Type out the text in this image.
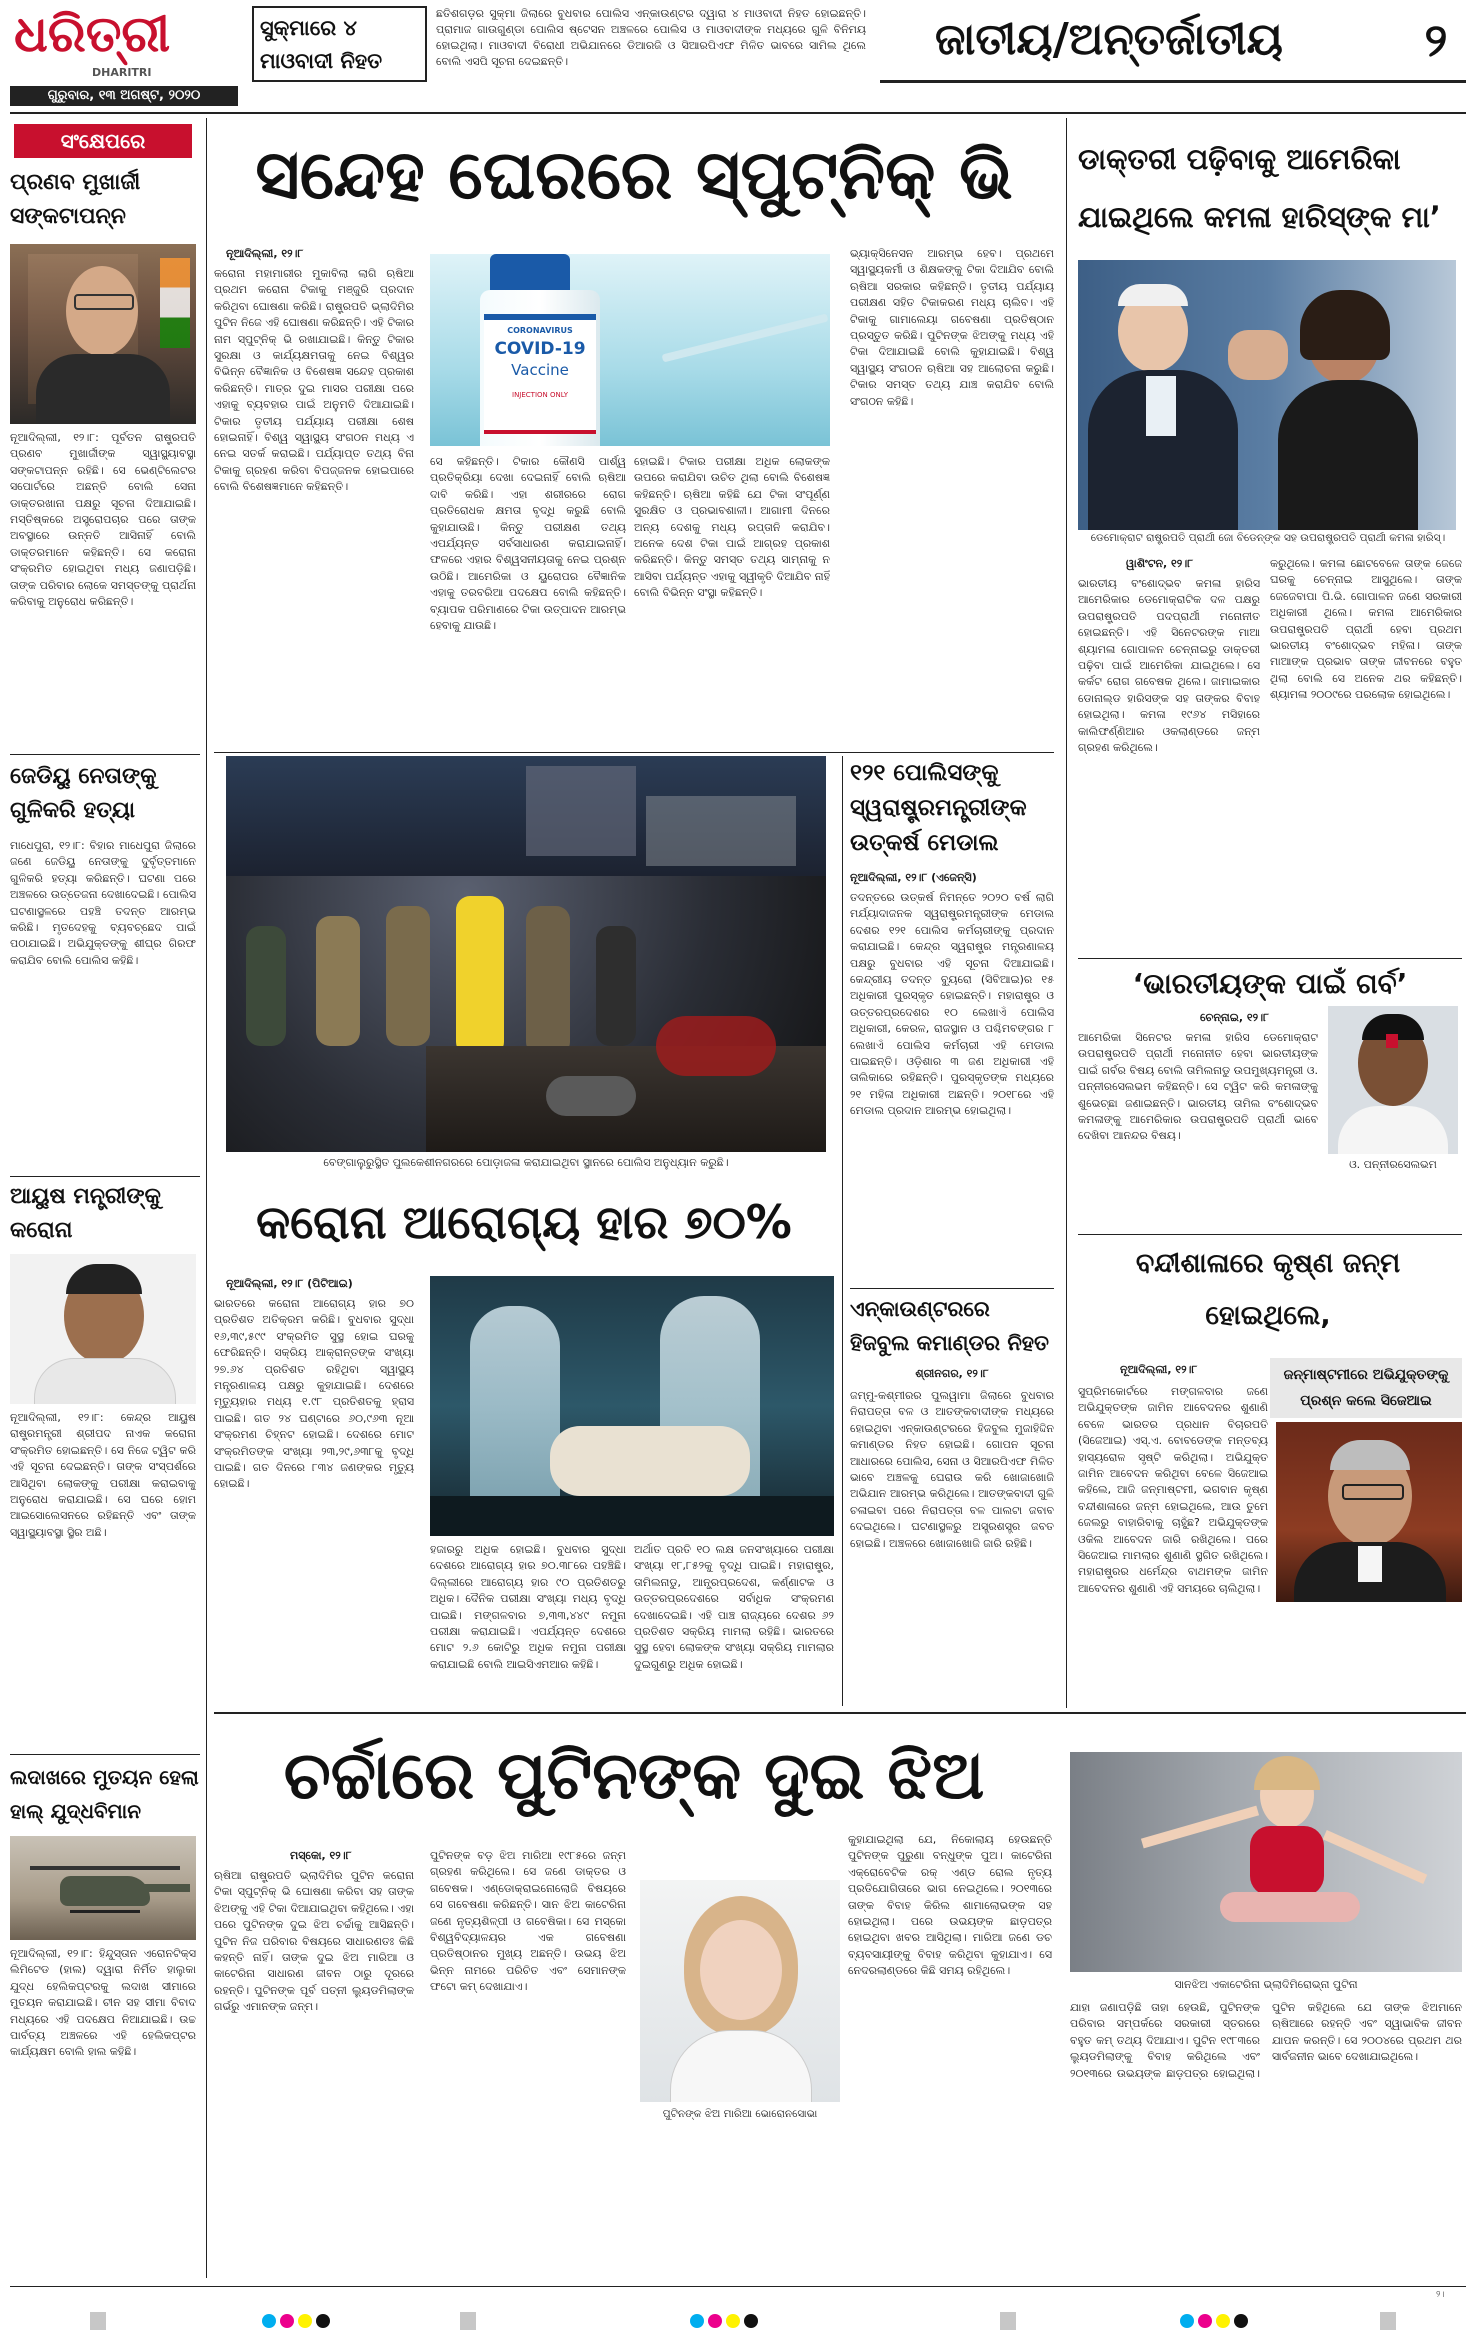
ଧରିତ୍ରୀ
DHARITRI
ଗୁରୁବାର, ୧୩ ଅଗଷ୍ଟ, ୨୦୨୦
ସୁକ୍ମାରେ ୪
ମାଓବାଦୀ ନିହତ
ଛତିଶଗଡ଼ର ସୁକ୍ମା ଜିଲାରେ ବୁଧବାର ପୋଲିସ ଏନ୍‌କାଉଣ୍ଟର ଦ୍ୱାରା ୪ ମାଓବାଦୀ ନିହତ ହୋଇଛନ୍ତି। ପ୍ରାମାଜ ଗାଉଗୁଣ୍ଡା ପୋଲିସ ଷ୍ଟେସନ ଅଞ୍ଚଳରେ ପୋଲିସ ଓ ମାଓବାଦୀଙ୍କ ମଧ୍ୟରେ ଗୁଳି ବିନିମୟ ହୋଇଥିଲା। ମାଓବାଦୀ ବିରୋଧୀ ଅଭିଯାନରେ ଡିଆରଜି ଓ ସିଆରପିଏଫ ମିଳିତ ଭାବରେ ସାମିଲ ଥିଲେ ବୋଲି ଏସପି ସୂଚନା ଦେଇଛନ୍ତି।	ଜାତୀୟ/ଅନ୍ତର୍ଜାତୀୟ	୨
ସଂକ୍ଷେପରେ
ପ୍ରଣବ ମୁଖାର୍ଜୀ ସଙ୍କଟାପନ୍ନ
ନୂଆଦିଲ୍ଲୀ, ୧୨।୮: ପୂର୍ବତନ ରାଷ୍ଟ୍ରପତି ପ୍ରଣବ ମୁଖାର୍ଜୀଙ୍କ ସ୍ୱାସ୍ଥ୍ୟାବସ୍ଥା ସଙ୍କଟାପନ୍ନ ରହିଛି। ସେ ଭେଣ୍ଟିଲେଟର ସପୋର୍ଟରେ ଅଛନ୍ତି ବୋଲି ସେନା ଡାକ୍ତରଖାନା ପକ୍ଷରୁ ସୂଚନା ଦିଆଯାଇଛି। ମସ୍ତିଷ୍କରେ ଅସ୍ତ୍ରୋପଚାର ପରେ ତାଙ୍କ ଅବସ୍ଥାରେ ଉନ୍ନତି ଆସିନାହିଁ ବୋଲି ଡାକ୍ତରମାନେ କହିଛନ୍ତି। ସେ କରୋନା ସଂକ୍ରମିତ ହୋଇଥିବା ମଧ୍ୟ ଜଣାପଡ଼ିଛି। ତାଙ୍କ ପରିବାର ଲୋକେ ସମସ୍ତଙ୍କୁ ପ୍ରାର୍ଥନା କରିବାକୁ ଅନୁରୋଧ କରିଛନ୍ତି।
ଜେଡିୟୁ ନେତାଙ୍କୁ ଗୁଳିକରି ହତ୍ୟା
ମାଧେପୁରା, ୧୨।୮: ବିହାର ମାଧେପୁରା ଜିଲାରେ ଜଣେ ଜେଡିୟୁ ନେତାଙ୍କୁ ଦୁର୍ବୃତ୍ତମାନେ ଗୁଳିକରି ହତ୍ୟା କରିଛନ୍ତି। ଘଟଣା ପରେ ଅଞ୍ଚଳରେ ଉତ୍ତେଜନା ଦେଖାଦେଇଛି। ପୋଲିସ ଘଟଣାସ୍ଥଳରେ ପହଞ୍ଚି ତଦନ୍ତ ଆରମ୍ଭ କରିଛି। ମୃତଦେହକୁ ବ୍ୟବଚ୍ଛେଦ ପାଇଁ ପଠାଯାଇଛି। ଅଭିଯୁକ୍ତଙ୍କୁ ଶୀଘ୍ର ଗିରଫ କରାଯିବ ବୋଲି ପୋଲିସ କହିଛି।
ଆୟୁଷ ମନ୍ତ୍ରୀଙ୍କୁ କରୋନା
ନୂଆଦିଲ୍ଲୀ, ୧୨।୮: କେନ୍ଦ୍ର ଆୟୁଷ ରାଷ୍ଟ୍ରମନ୍ତ୍ରୀ ଶ୍ରୀପଦ ନାଏକ କରୋନା ସଂକ୍ରମିତ ହୋଇଛନ୍ତି। ସେ ନିଜେ ଟ୍ୱିଟ କରି ଏହି ସୂଚନା ଦେଇଛନ୍ତି। ତାଙ୍କ ସଂସ୍ପର୍ଶରେ ଆସିଥିବା ଲୋକଙ୍କୁ ପରୀକ୍ଷା କରାଇବାକୁ ଅନୁରୋଧ କରାଯାଇଛି। ସେ ଘରେ ହୋମ ଆଇସୋଲେସନରେ ରହିଛନ୍ତି ଏବଂ ତାଙ୍କ ସ୍ୱାସ୍ଥ୍ୟାବସ୍ଥା ସ୍ଥିର ଅଛି।
ଲଦାଖରେ ମୁତୟନ ହେଲା ହାଲ୍ ଯୁଦ୍ଧବିମାନ
ନୂଆଦିଲ୍ଲୀ, ୧୨।୮: ହିନ୍ଦୁସ୍ତାନ ଏରୋନଟିକ୍ସ ଲିମିଟେଡ (ହାଲ) ଦ୍ୱାରା ନିର୍ମିତ ହାଲୁକା ଯୁଦ୍ଧ ହେଲିକପ୍ଟରକୁ ଲଦାଖ ସୀମାରେ ମୁତୟନ କରାଯାଇଛି। ଚୀନ ସହ ସୀମା ବିବାଦ ମଧ୍ୟରେ ଏହି ପଦକ୍ଷେପ ନିଆଯାଇଛି। ଉଚ୍ଚ ପାର୍ବତ୍ୟ ଅଞ୍ଚଳରେ ଏହି ହେଲିକପ୍ଟର କାର୍ଯ୍ୟକ୍ଷମ ବୋଲି ହାଲ କହିଛି।
ସନ୍ଦେହ ଘେରରେ ସ୍ପୁଟ୍‌ନିକ୍ ଭି
ନୂଆଦିଲ୍ଲୀ, ୧୨।୮
କରୋନା ମହାମାରୀର ମୁକାବିଲା ଲାଗି ଋଷିଆ ପ୍ରଥମ କରୋନା ଟିକାକୁ ମଞ୍ଜୁରି ପ୍ରଦାନ କରିଥିବା ଘୋଷଣା କରିଛି। ରାଷ୍ଟ୍ରପତି ଭ୍ଲାଦିମିର ପୁଟିନ ନିଜେ ଏହି ଘୋଷଣା କରିଛନ୍ତି। ଏହି ଟିକାର ନାମ ସ୍ପୁଟ୍‌ନିକ୍ ଭି ରଖାଯାଇଛି। କିନ୍ତୁ ଟିକାର ସୁରକ୍ଷା ଓ କାର୍ଯ୍ୟକ୍ଷମତାକୁ ନେଇ ବିଶ୍ୱର ବିଭିନ୍ନ ବୈଜ୍ଞାନିକ ଓ ବିଶେଷଜ୍ଞ ସନ୍ଦେହ ପ୍ରକାଶ କରିଛନ୍ତି। ମାତ୍ର ଦୁଇ ମାସର ପରୀକ୍ଷା ପରେ ଏହାକୁ ବ୍ୟବହାର ପାଇଁ ଅନୁମତି ଦିଆଯାଇଛି। ଟିକାର ତୃତୀୟ ପର୍ଯ୍ୟାୟ ପରୀକ୍ଷା ଶେଷ ହୋଇନାହିଁ। ବିଶ୍ୱ ସ୍ୱାସ୍ଥ୍ୟ ସଂଗଠନ ମଧ୍ୟ ଏ ନେଇ ସତର୍କ କରାଇଛି। ପର୍ଯ୍ୟାପ୍ତ ତଥ୍ୟ ବିନା ଟିକାକୁ ଗ୍ରହଣ କରିବା ବିପଜ୍ଜନକ ହୋଇପାରେ ବୋଲି ବିଶେଷଜ୍ଞମାନେ କହିଛନ୍ତି।
CORONAVIRUS
COVID-19
Vaccine
INJECTION ONLY
ସେ କହିଛନ୍ତି। ଟିକାର କୌଣସି ପାର୍ଶ୍ୱ ପ୍ରତିକ୍ରିୟା ଦେଖା ଦେଇନାହିଁ ବୋଲି ଋଷିଆ ଦାବି କରିଛି। ଏହା ଶରୀରରେ ରୋଗ ପ୍ରତିରୋଧକ କ୍ଷମତା ବୃଦ୍ଧି କରୁଛି ବୋଲି କୁହାଯାଉଛି। କିନ୍ତୁ ପରୀକ୍ଷଣ ତଥ୍ୟ ଏପର୍ଯ୍ୟନ୍ତ ସର୍ବସାଧାରଣ କରାଯାଇନାହିଁ। ଫଳରେ ଏହାର ବିଶ୍ୱସନୀୟତାକୁ ନେଇ ପ୍ରଶ୍ନ ଉଠିଛି। ଆମେରିକା ଓ ୟୁରୋପର ବୈଜ୍ଞାନିକ ଏହାକୁ ତରବରିଆ ପଦକ୍ଷେପ ବୋଲି କହିଛନ୍ତି। ବ୍ୟାପକ ପରିମାଣରେ ଟିକା ଉତ୍ପାଦନ ଆରମ୍ଭ ହେବାକୁ ଯାଉଛି।
ହୋଇଛି। ଟିକାର ପରୀକ୍ଷା ଅଧିକ ଲୋକଙ୍କ ଉପରେ କରାଯିବା ଉଚିତ ଥିଲା ବୋଲି ବିଶେଷଜ୍ଞ କହିଛନ୍ତି। ଋଷିଆ କହିଛି ଯେ ଟିକା ସଂପୂର୍ଣ୍ଣ ସୁରକ୍ଷିତ ଓ ପ୍ରଭାବଶାଳୀ। ଆଗାମୀ ଦିନରେ ଅନ୍ୟ ଦେଶକୁ ମଧ୍ୟ ରପ୍ତାନି କରାଯିବ। ଅନେକ ଦେଶ ଟିକା ପାଇଁ ଆଗ୍ରହ ପ୍ରକାଶ କରିଛନ୍ତି। କିନ୍ତୁ ସମସ୍ତ ତଥ୍ୟ ସାମ୍ନାକୁ ନ ଆସିବା ପର୍ଯ୍ୟନ୍ତ ଏହାକୁ ସ୍ୱୀକୃତି ଦିଆଯିବ ନାହିଁ ବୋଲି ବିଭିନ୍ନ ସଂସ୍ଥା କହିଛନ୍ତି।
ଭ୍ୟାକ୍ସିନେସନ ଆରମ୍ଭ ହେବ। ପ୍ରଥମେ ସ୍ୱାସ୍ଥ୍ୟକର୍ମୀ ଓ ଶିକ୍ଷକଙ୍କୁ ଟିକା ଦିଆଯିବ ବୋଲି ଋଷିଆ ସରକାର କହିଛନ୍ତି। ତୃତୀୟ ପର୍ଯ୍ୟାୟ ପରୀକ୍ଷଣ ସହିତ ଟିକାକରଣ ମଧ୍ୟ ଚାଲିବ। ଏହି ଟିକାକୁ ଗାମାଲେୟା ଗବେଷଣା ପ୍ରତିଷ୍ଠାନ ପ୍ରସ୍ତୁତ କରିଛି। ପୁଟିନଙ୍କ ଝିଅଙ୍କୁ ମଧ୍ୟ ଏହି ଟିକା ଦିଆଯାଇଛି ବୋଲି କୁହାଯାଇଛି। ବିଶ୍ୱ ସ୍ୱାସ୍ଥ୍ୟ ସଂଗଠନ ଋଷିଆ ସହ ଆଲୋଚନା କରୁଛି। ଟିକାର ସମସ୍ତ ତଥ୍ୟ ଯାଞ୍ଚ କରାଯିବ ବୋଲି ସଂଗଠନ କହିଛି।
ବେଙ୍ଗାଲୁରୁସ୍ଥିତ ପୁଲକେଶୀନଗରରେ ପୋଡ଼ାଜଳା କରାଯାଇଥିବା ସ୍ଥାନରେ ପୋଲିସ ଅନୁଧ୍ୟାନ କରୁଛି।
୧୨୧ ପୋଲିସଙ୍କୁ ସ୍ୱରାଷ୍ଟ୍ରମନ୍ତ୍ରୀଙ୍କ ଉତ୍କର୍ଷ ମେଡାଲ
ନୂଆଦିଲ୍ଲୀ, ୧୨।୮ (ଏଜେନ୍ସି)
ତଦନ୍ତରେ ଉତ୍କର୍ଷ ନିମନ୍ତେ ୨୦୨୦ ବର୍ଷ ଲାଗି ମର୍ଯ୍ୟାଦାଜନକ ସ୍ୱରାଷ୍ଟ୍ରମନ୍ତ୍ରୀଙ୍କ ମେଡାଲ ଦେଶର ୧୨୧ ପୋଲିସ କର୍ମଚାରୀଙ୍କୁ ପ୍ରଦାନ କରାଯାଇଛି। କେନ୍ଦ୍ର ସ୍ୱରାଷ୍ଟ୍ର ମନ୍ତ୍ରଣାଳୟ ପକ୍ଷରୁ ବୁଧବାର ଏହି ସୂଚନା ଦିଆଯାଇଛି। କେନ୍ଦ୍ରୀୟ ତଦନ୍ତ ବ୍ୟୁରୋ (ସିବିଆଇ)ର ୧୫ ଅଧିକାରୀ ପୁରସ୍କୃତ ହୋଇଛନ୍ତି। ମହାରାଷ୍ଟ୍ର ଓ ଉତ୍ତରପ୍ରଦେଶର ୧୦ ଲେଖାଏଁ ପୋଲିସ ଅଧିକାରୀ, କେରଳ, ରାଜସ୍ଥାନ ଓ ପଶ୍ଚିମବଙ୍ଗର ୮ ଲେଖାଏଁ ପୋଲିସ କର୍ମଚାରୀ ଏହି ମେଡାଲ ପାଇଛନ୍ତି। ଓଡ଼ିଶାର ୩ ଜଣ ଅଧିକାରୀ ଏହି ତାଲିକାରେ ରହିଛନ୍ତି। ପୁରସ୍କୃତଙ୍କ ମଧ୍ୟରେ ୨୧ ମହିଳା ଅଧିକାରୀ ଅଛନ୍ତି। ୨୦୧୮ରେ ଏହି ମେଡାଲ ପ୍ରଦାନ ଆରମ୍ଭ ହୋଇଥିଲା।
କରୋନା ଆରୋଗ୍ୟ ହାର ୭୦%
ନୂଆଦିଲ୍ଲୀ, ୧୨।୮ (ପିଟିଆଇ)
ଭାରତରେ କରୋନା ଆରୋଗ୍ୟ ହାର ୭୦ ପ୍ରତିଶତ ଅତିକ୍ରମ କରିଛି। ବୁଧବାର ସୁଦ୍ଧା ୧୬,୩୯,୫୯୯ ସଂକ୍ରମିତ ସୁସ୍ଥ ହୋଇ ଘରକୁ ଫେରିଛନ୍ତି। ସକ୍ରିୟ ଆକ୍ରାନ୍ତଙ୍କ ସଂଖ୍ୟା ୨୭.୬୪ ପ୍ରତିଶତ ରହିଥିବା ସ୍ୱାସ୍ଥ୍ୟ ମନ୍ତ୍ରଣାଳୟ ପକ୍ଷରୁ କୁହାଯାଇଛି। ଦେଶରେ ମୃତ୍ୟୁହାର ମଧ୍ୟ ୧.୯୮ ପ୍ରତିଶତକୁ ହ୍ରାସ ପାଇଛି। ଗତ ୨୪ ଘଣ୍ଟାରେ ୬୦,୯୬୩ ନୂଆ ସଂକ୍ରମଣ ଚିହ୍ନଟ ହୋଇଛି। ଦେଶରେ ମୋଟ ସଂକ୍ରମିତଙ୍କ ସଂଖ୍ୟା ୨୩,୨୯,୬୩୮କୁ ବୃଦ୍ଧି ପାଇଛି। ଗତ ଦିନରେ ୮୩୪ ଜଣଙ୍କର ମୃତ୍ୟୁ ହୋଇଛି।
ହଜାରରୁ ଅଧିକ ହୋଇଛି। ବୁଧବାର ସୁଦ୍ଧା ଦେଶରେ ଆରୋଗ୍ୟ ହାର ୭୦.୩୮ରେ ପହଞ୍ଚିଛି। ଦିଲ୍ଲୀରେ ଆରୋଗ୍ୟ ହାର ୯୦ ପ୍ରତିଶତରୁ ଅଧିକ। ଦୈନିକ ପରୀକ୍ଷା ସଂଖ୍ୟା ମଧ୍ୟ ବୃଦ୍ଧି ପାଇଛି। ମଙ୍ଗଳବାର ୭,୩୩,୪୪୯ ନମୁନା ପରୀକ୍ଷା କରାଯାଇଛି। ଏପର୍ଯ୍ୟନ୍ତ ଦେଶରେ ମୋଟ ୨.୬ କୋଟିରୁ ଅଧିକ ନମୁନା ପରୀକ୍ଷା କରାଯାଇଛି ବୋଲି ଆଇସିଏମଆର କହିଛି।
ଅର୍ଥାତ ପ୍ରତି ୧୦ ଲକ୍ଷ ଜନସଂଖ୍ୟାରେ ପରୀକ୍ଷା ସଂଖ୍ୟା ୧୮,୮୫୨କୁ ବୃଦ୍ଧି ପାଇଛି। ମହାରାଷ୍ଟ୍ର, ତାମିଲନାଡୁ, ଆନ୍ଧ୍ରପ୍ରଦେଶ, କର୍ଣ୍ଣାଟକ ଓ ଉତ୍ତରପ୍ରଦେଶରେ ସର୍ବାଧିକ ସଂକ୍ରମଣ ଦେଖାଦେଇଛି। ଏହି ପାଞ୍ଚ ରାଜ୍ୟରେ ଦେଶର ୬୨ ପ୍ରତିଶତ ସକ୍ରିୟ ମାମଲା ରହିଛି। ଭାରତରେ ସୁସ୍ଥ ହେବା ଲୋକଙ୍କ ସଂଖ୍ୟା ସକ୍ରିୟ ମାମଲାର ଦୁଇଗୁଣରୁ ଅଧିକ ହୋଇଛି।
ଏନ୍‌କାଉଣ୍ଟରରେ ହିଜବୁଲ କମାଣ୍ଡର ନିହତ
ଶ୍ରୀନଗର, ୧୨।୮
ଜମ୍ମୁ-କଶ୍ମୀରର ପୁଲୱାମା ଜିଲାରେ ବୁଧବାର ନିରାପତ୍ତା ବଳ ଓ ଆତଙ୍କବାଦୀଙ୍କ ମଧ୍ୟରେ ହୋଇଥିବା ଏନ୍‌କାଉଣ୍ଟରରେ ହିଜବୁଲ ମୁଜାହିଦ୍ଦିନ କମାଣ୍ଡର ନିହତ ହୋଇଛି। ଗୋପନ ସୂଚନା ଆଧାରରେ ପୋଲିସ, ସେନା ଓ ସିଆରପିଏଫ ମିଳିତ ଭାବେ ଅଞ୍ଚଳକୁ ଘେରାଉ କରି ଖୋଜାଖୋଜି ଅଭିଯାନ ଆରମ୍ଭ କରିଥିଲେ। ଆତଙ୍କବାଦୀ ଗୁଳି ଚଳାଇବା ପରେ ନିରାପତ୍ତା ବଳ ପାଲଟା ଜବାବ ଦେଇଥିଲେ। ଘଟଣାସ୍ଥଳରୁ ଅସ୍ତ୍ରଶସ୍ତ୍ର ଜବତ ହୋଇଛି। ଅଞ୍ଚଳରେ ଖୋଜାଖୋଜି ଜାରି ରହିଛି।
ଡାକ୍ତରୀ ପଢ଼ିବାକୁ ଆମେରିକା ଯାଇଥିଲେ କମଳା ହାରିସ୍‌ଙ୍କ ମା’
ଡେମୋକ୍ରାଟ ରାଷ୍ଟ୍ରପତି ପ୍ରାର୍ଥୀ ଜୋ ବିଡେନ୍‌ଙ୍କ ସହ ଉପରାଷ୍ଟ୍ରପତି ପ୍ରାର୍ଥୀ କମଳା ହାରିସ୍।
ୱାଶିଂଟନ, ୧୨।୮
ଭାରତୀୟ ବଂଶୋଦ୍ଭବ କମଳା ହାରିସ ଆମେରିକାର ଡେମୋକ୍ରାଟିକ ଦଳ ପକ୍ଷରୁ ଉପରାଷ୍ଟ୍ରପତି ପଦପ୍ରାର୍ଥୀ ମନୋନୀତ ହୋଇଛନ୍ତି। ଏହି ସିନେଟରଙ୍କ ମାଆ ଶ୍ୟାମଳା ଗୋପାଳନ ଚେନ୍ନାଇରୁ ଡାକ୍ତରୀ ପଢ଼ିବା ପାଇଁ ଆମେରିକା ଯାଇଥିଲେ। ସେ କର୍କଟ ରୋଗ ଗବେଷକ ଥିଲେ। ଜାମାଇକାର ଡୋନାଲ୍ଡ ହାରିସଙ୍କ ସହ ତାଙ୍କର ବିବାହ ହୋଇଥିଲା। କମଳା ୧୯୬୪ ମସିହାରେ କାଲିଫର୍ଣ୍ଣିଆର ଓକଲାଣ୍ଡରେ ଜନ୍ମ ଗ୍ରହଣ କରିଥିଲେ।
କରୁଥିଲେ। କମଳା ଛୋଟବେଳେ ତାଙ୍କ ଜେଜେ ଘରକୁ ଚେନ୍ନାଇ ଆସୁଥିଲେ। ତାଙ୍କ ଜେଜେବାପା ପି.ଭି. ଗୋପାଳନ ଜଣେ ସରକାରୀ ଅଧିକାରୀ ଥିଲେ। କମଳା ଆମେରିକାର ଉପରାଷ୍ଟ୍ରପତି ପ୍ରାର୍ଥୀ ହେବା ପ୍ରଥମ ଭାରତୀୟ ବଂଶୋଦ୍ଭବ ମହିଳା। ତାଙ୍କ ମାଆଙ୍କ ପ୍ରଭାବ ତାଙ୍କ ଜୀବନରେ ବହୁତ ଥିଲା ବୋଲି ସେ ଅନେକ ଥର କହିଛନ୍ତି। ଶ୍ୟାମଳା ୨୦୦୯ରେ ପରଲୋକ ହୋଇଥିଲେ।
‘ଭାରତୀୟଙ୍କ ପାଇଁ ଗର୍ବ’
ଚେନ୍ନାଇ, ୧୨।୮
ଆମେରିକା ସିନେଟର କମଳା ହାରିସ ଡେମୋକ୍ରାଟ ଉପରାଷ୍ଟ୍ରପତି ପ୍ରାର୍ଥୀ ମନୋନୀତ ହେବା ଭାରତୀୟଙ୍କ ପାଇଁ ଗର୍ବର ବିଷୟ ବୋଲି ତାମିଲନାଡୁ ଉପମୁଖ୍ୟମନ୍ତ୍ରୀ ଓ. ପନ୍ନୀରସେଲଭମ କହିଛନ୍ତି। ସେ ଟ୍ୱିଟ କରି କମଳାଙ୍କୁ ଶୁଭେଚ୍ଛା ଜଣାଇଛନ୍ତି। ଭାରତୀୟ ତାମିଲ ବଂଶୋଦ୍ଭବ କମଳାଙ୍କୁ ଆମେରିକାର ଉପରାଷ୍ଟ୍ରପତି ପ୍ରାର୍ଥୀ ଭାବେ ଦେଖିବା ଆନନ୍ଦର ବିଷୟ।
ଓ. ପନ୍ନୀରସେଲଭମ
ବନ୍ଦୀଶାଳାରେ କୃଷ୍ଣ ଜନ୍ମ ହୋଇଥିଲେ,
ନୂଆଦିଲ୍ଲୀ, ୧୨।୮	ଜନ୍ମାଷ୍ଟମୀରେ ଅଭିଯୁକ୍ତଙ୍କୁ
ପ୍ରଶ୍ନ କଲେ ସିଜେଆଇ
ସୁପ୍ରିମକୋର୍ଟରେ ମଙ୍ଗଳବାର ଜଣେ ଅଭିଯୁକ୍ତଙ୍କ ଜାମିନ ଆବେଦନର ଶୁଣାଣି ବେଳେ ଭାରତର ପ୍ରଧାନ ବିଚାରପତି (ସିଜେଆଇ) ଏସ୍.ଏ. ବୋବଡେଙ୍କ ମନ୍ତବ୍ୟ ହାସ୍ୟରୋଳ ସୃଷ୍ଟି କରିଥିଲା। ଅଭିଯୁକ୍ତ ଜାମିନ ଆବେଦନ କରିଥିବା ବେଳେ ସିଜେଆଇ କହିଲେ, ଆଜି ଜନ୍ମାଷ୍ଟମୀ, ଭଗବାନ କୃଷ୍ଣ ବନ୍ଦୀଶାଳାରେ ଜନ୍ମ ହୋଇଥିଲେ, ଆଉ ତୁମେ ଜେଲରୁ ବାହାରିବାକୁ ଚାହୁଁଛ? ଅଭିଯୁକ୍ତଙ୍କ ଓକିଲ ଆବେଦନ ଜାରି ରଖିଥିଲେ। ପରେ ସିଜେଆଇ ମାମଲାର ଶୁଣାଣି ସ୍ଥଗିତ ରଖିଥିଲେ। ମହାରାଷ୍ଟ୍ରର ଧର୍ମେନ୍ଦ୍ର ବାଥମଙ୍କ ଜାମିନ ଆବେଦନର ଶୁଣାଣି ଏହି ସମୟରେ ଚାଲିଥିଲା।
ଚର୍ଚ୍ଚାରେ ପୁଟିନଙ୍କ ଦୁଇ ଝିଅ
ମସ୍କୋ, ୧୨।୮
ଋଷିଆ ରାଷ୍ଟ୍ରପତି ଭ୍ଲାଦିମିର ପୁଟିନ କରୋନା ଟିକା ସ୍ପୁଟ୍‌ନିକ୍ ଭି ଘୋଷଣା କରିବା ସହ ତାଙ୍କ ଝିଅଙ୍କୁ ଏହି ଟିକା ଦିଆଯାଇଥିବା କହିଥିଲେ। ଏହା ପରେ ପୁଟିନଙ୍କ ଦୁଇ ଝିଅ ଚର୍ଚ୍ଚାକୁ ଆସିଛନ୍ତି। ପୁଟିନ ନିଜ ପରିବାର ବିଷୟରେ ସାଧାରଣତଃ କିଛି କହନ୍ତି ନାହିଁ। ତାଙ୍କ ଦୁଇ ଝିଅ ମାରିଆ ଓ କାଟେରିନା ସାଧାରଣ ଜୀବନ ଠାରୁ ଦୂରରେ ରହନ୍ତି। ପୁଟିନଙ୍କ ପୂର୍ବ ପତ୍ନୀ ଲ୍ୟୁଡମିଲାଙ୍କ ଗର୍ଭରୁ ଏମାନଙ୍କ ଜନ୍ମ।
ପୁଟିନଙ୍କ ବଡ଼ ଝିଅ ମାରିଆ ୧୯୮୫ରେ ଜନ୍ମ ଗ୍ରହଣ କରିଥିଲେ। ସେ ଜଣେ ଡାକ୍ତର ଓ ଗବେଷକ। ଏଣ୍ଡୋକ୍ରାଇନୋଲୋଜି ବିଷୟରେ ସେ ଗବେଷଣା କରିଛନ୍ତି। ସାନ ଝିଅ କାଟେରିନା ଜଣେ ନୃତ୍ୟଶିଳ୍ପୀ ଓ ଗବେଷିକା। ସେ ମସ୍କୋ ବିଶ୍ୱବିଦ୍ୟାଳୟର ଏକ ଗବେଷଣା ପ୍ରତିଷ୍ଠାନର ମୁଖ୍ୟ ଅଛନ୍ତି। ଉଭୟ ଝିଅ ଭିନ୍ନ ନାମରେ ପରିଚିତ ଏବଂ ସେମାନଙ୍କ ଫଟୋ କମ୍ ଦେଖାଯାଏ।
ପୁଟିନଙ୍କ ଝିଅ ମାରିଆ ଭୋରୋନସୋଭା
କୁହାଯାଇଥିଲା ଯେ, ନିକୋଲାୟ ହେଉଛନ୍ତି ପୁଟିନଙ୍କ ପୁରୁଣା ବନ୍ଧୁଙ୍କ ପୁଅ। କାଟେରିନା ଏକ୍ରୋବେଟିକ ରକ୍ ଏଣ୍ଡ ରୋଲ ନୃତ୍ୟ ପ୍ରତିଯୋଗିତାରେ ଭାଗ ନେଇଥିଲେ। ୨୦୧୩ରେ ତାଙ୍କ ବିବାହ କିରିଲ ଶାମାଲୋଭଙ୍କ ସହ ହୋଇଥିଲା। ପରେ ଉଭୟଙ୍କ ଛାଡ଼ପତ୍ର ହୋଇଥିବା ଖବର ଆସିଥିଲା। ମାରିଆ ଜଣେ ଡଚ ବ୍ୟବସାୟୀଙ୍କୁ ବିବାହ କରିଥିବା କୁହାଯାଏ। ସେ ନେଦରଲାଣ୍ଡରେ କିଛି ସମୟ ରହିଥିଲେ।
ସାନଝିଅ ଏକାଟେରିନା ଭ୍ଲାଦିମିରୋଭ୍‌ନା ପୁଟିନା
ଯାହା ଜଣାପଡ଼ିଛି ତାହା ହେଉଛି, ପୁଟିନଙ୍କ ପରିବାର ସମ୍ପର୍କରେ ସରକାରୀ ସ୍ତରରେ ବହୁତ କମ୍ ତଥ୍ୟ ଦିଆଯାଏ। ପୁଟିନ ୧୯୮୩ରେ ଲ୍ୟୁଡମିଲାଙ୍କୁ ବିବାହ କରିଥିଲେ ଏବଂ ୨୦୧୩ରେ ଉଭୟଙ୍କ ଛାଡ଼ପତ୍ର ହୋଇଥିଲା। ପୁଟିନ କହିଥିଲେ ଯେ ତାଙ୍କ ଝିଅମାନେ ଋଷିଆରେ ରହନ୍ତି ଏବଂ ସ୍ୱାଭାବିକ ଜୀବନ ଯାପନ କରନ୍ତି। ସେ ୨୦୦୪ରେ ପ୍ରଥମ ଥର ସାର୍ବଜନୀନ ଭାବେ ଦେଖାଯାଇଥିଲେ।
୨।
